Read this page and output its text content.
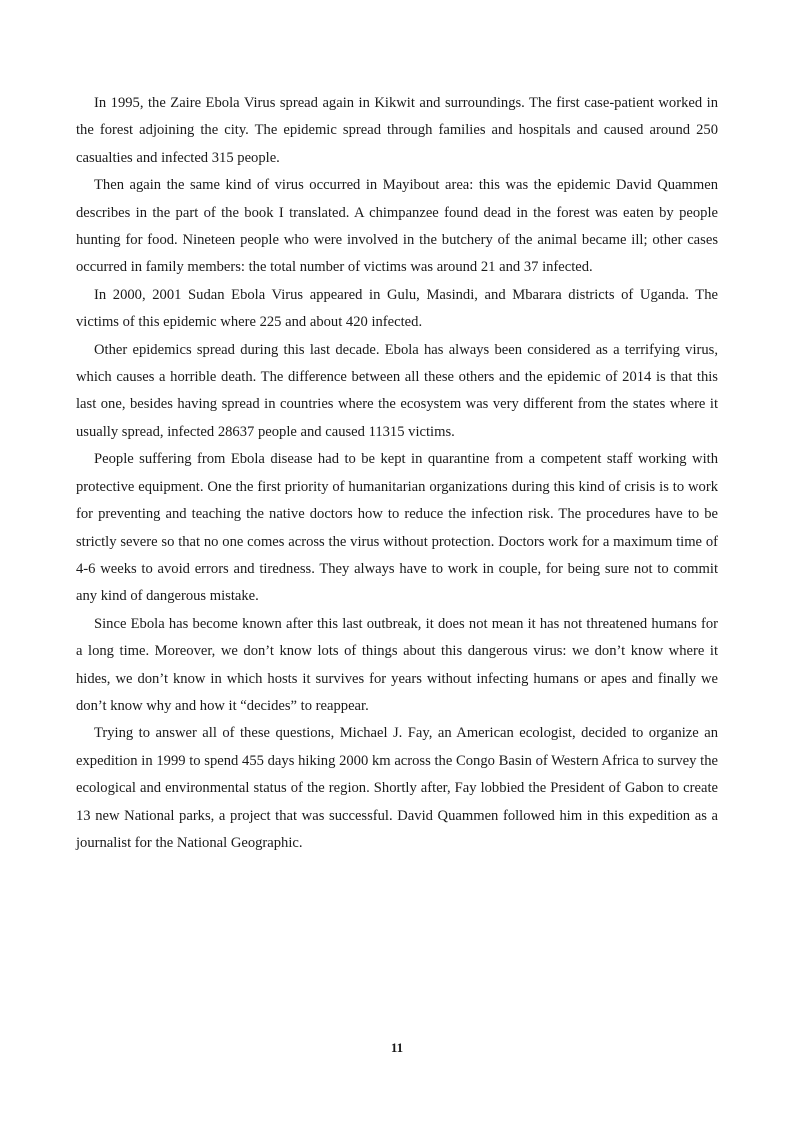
In 1995, the Zaire Ebola Virus spread again in Kikwit and surroundings. The first case-patient worked in the forest adjoining the city. The epidemic spread through families and hospitals and caused around 250 casualties and infected 315 people.

Then again the same kind of virus occurred in Mayibout area: this was the epidemic David Quammen describes in the part of the book I translated. A chimpanzee found dead in the forest was eaten by people hunting for food. Nineteen people who were involved in the butchery of the animal became ill; other cases occurred in family members: the total number of victims was around 21 and 37 infected.

In 2000, 2001 Sudan Ebola Virus appeared in Gulu, Masindi, and Mbarara districts of Uganda. The victims of this epidemic where 225 and about 420 infected.

Other epidemics spread during this last decade. Ebola has always been considered as a terrifying virus, which causes a horrible death. The difference between all these others and the epidemic of 2014 is that this last one, besides having spread in countries where the ecosystem was very different from the states where it usually spread, infected 28637 people and caused 11315 victims.

People suffering from Ebola disease had to be kept in quarantine from a competent staff working with protective equipment. One the first priority of humanitarian organizations during this kind of crisis is to work for preventing and teaching the native doctors how to reduce the infection risk. The procedures have to be strictly severe so that no one comes across the virus without protection. Doctors work for a maximum time of 4-6 weeks to avoid errors and tiredness. They always have to work in couple, for being sure not to commit any kind of dangerous mistake.

Since Ebola has become known after this last outbreak, it does not mean it has not threatened humans for a long time. Moreover, we don’t know lots of things about this dangerous virus: we don’t know where it hides, we don’t know in which hosts it survives for years without infecting humans or apes and finally we don’t know why and how it “decides” to reappear.

Trying to answer all of these questions, Michael J. Fay, an American ecologist, decided to organize an expedition in 1999 to spend 455 days hiking 2000 km across the Congo Basin of Western Africa to survey the ecological and environmental status of the region. Shortly after, Fay lobbied the President of Gabon to create 13 new National parks, a project that was successful. David Quammen followed him in this expedition as a journalist for the National Geographic.

11
